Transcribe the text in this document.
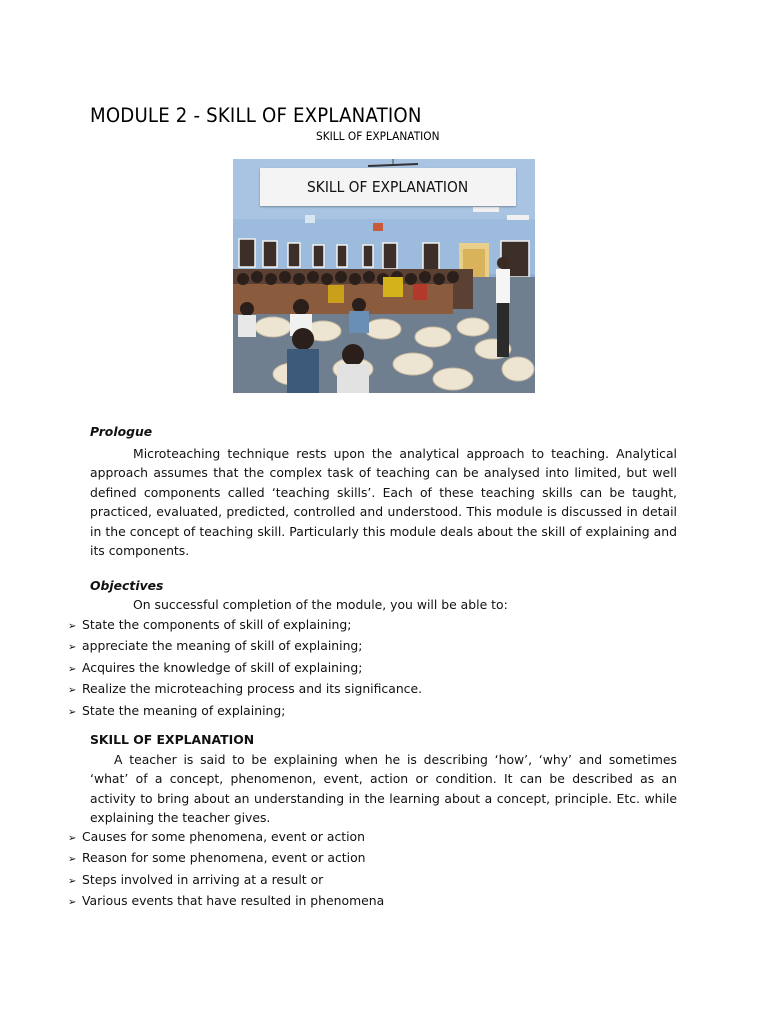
MODULE 2 - SKILL OF EXPLANATION
SKILL OF EXPLANATION
SKILL OF EXPLANATION
Prologue

Microteaching technique rests upon the analytical approach to teaching. Analytical approach assumes that the complex task of teaching can be analysed into limited, but well defined components called ‘teaching skills’. Each of these teaching skills can be taught, practiced, evaluated, predicted, controlled and understood. This module is discussed in detail in the concept of teaching skill. Particularly this module deals about the skill of explaining and its components.

Objectives
On successful completion of the module, you will be able to:
➢ State the components of skill of explaining;
➢ appreciate the meaning of skill of explaining;
➢ Acquires the knowledge of skill of explaining;
➢ Realize the microteaching process and its significance.
➢ State the meaning of explaining;
SKILL OF EXPLANATION

A teacher is said to be explaining when he is describing ‘how’, ‘why’ and sometimes ‘what’ of a concept, phenomenon, event, action or condition. It can be described as an activity to bring about an understanding in the learning about a concept, principle. Etc. while explaining the teacher gives.

➢ Causes for some phenomena, event or action
➢ Reason for some phenomena, event or action
➢ Steps involved in arriving at a result or
➢ Various events that have resulted in phenomena
